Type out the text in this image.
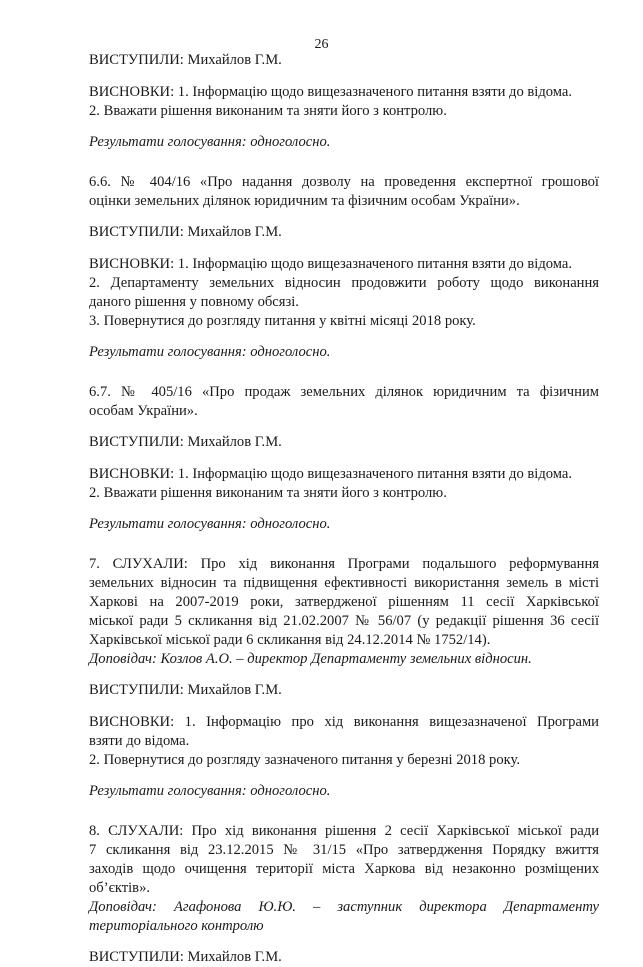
26

ВИСТУПИЛИ: Михайлов Г.М.

ВИСНОВКИ: 1. Інформацію щодо вищезазначеного питання взяти до відома.

2. Вважати рішення виконаним та зняти його з контролю.

Результати голосування: одноголосно.

6.6. № 404/16 «Про надання дозволу на проведення експертної грошової

оцінки земельних ділянок юридичним та фізичним особам України».

ВИСТУПИЛИ: Михайлов Г.М.

ВИСНОВКИ: 1. Інформацію щодо вищезазначеного питання взяти до відома.

2. Департаменту земельних відносин продовжити роботу щодо виконання

даного рішення у повному обсязі.

3. Повернутися до розгляду питання у квітні місяці 2018 року.

Результати голосування: одноголосно.

6.7. № 405/16 «Про продаж земельних ділянок юридичним та фізичним

особам України».

ВИСТУПИЛИ: Михайлов Г.М.

ВИСНОВКИ: 1. Інформацію щодо вищезазначеного питання взяти до відома.

2. Вважати рішення виконаним та зняти його з контролю.

Результати голосування: одноголосно.

7. СЛУХАЛИ: Про хід виконання Програми подальшого реформування

земельних відносин та підвищення ефективності використання земель в місті

Харкові на 2007-2019 роки, затвердженої рішенням 11 сесії Харківської

міської ради 5 скликання від 21.02.2007 № 56/07 (у редакції рішення 36 сесії

Харківської міської ради 6 скликання від 24.12.2014 № 1752/14).

Доповідач: Козлов А.О. – директор Департаменту земельних відносин.

ВИСТУПИЛИ: Михайлов Г.М.

ВИСНОВКИ: 1. Інформацію про хід виконання вищезазначеної Програми

взяти до відома.

2. Повернутися до розгляду зазначеного питання у березні 2018 року.

Результати голосування: одноголосно.

8. СЛУХАЛИ: Про хід виконання рішення 2 сесії Харківської міської ради

7 скликання від 23.12.2015 № 31/15 «Про затвердження Порядку вжиття

заходів щодо очищення території міста Харкова від незаконно розміщених

об’єктів».

Доповідач: Агафонова Ю.Ю. – заступник директора Департаменту

територіального контролю

ВИСТУПИЛИ: Михайлов Г.М.
